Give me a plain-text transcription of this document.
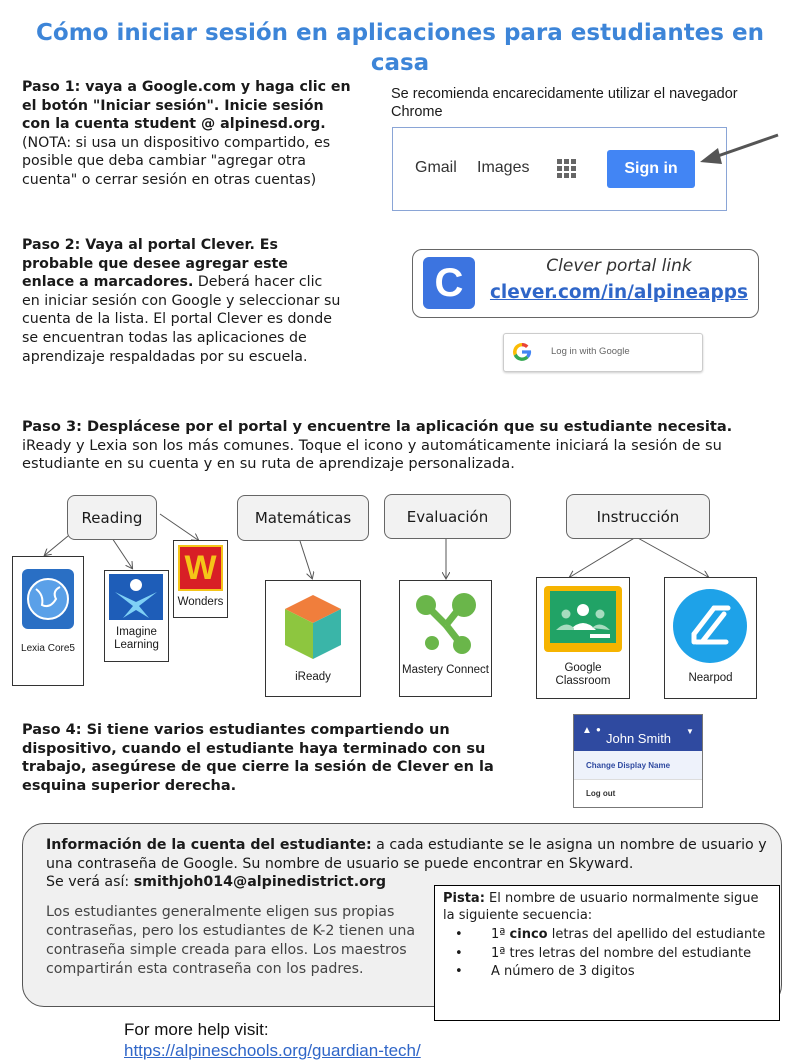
Cómo iniciar sesión en aplicaciones para estudiantes en casa
Paso 1: vaya a Google.com y haga clic en el botón "Iniciar sesión". Inicie sesión con la cuenta student @ alpinesd.org. (NOTA: si usa un dispositivo compartido, es posible que deba cambiar "agregar otra cuenta" o cerrar sesión en otras cuentas)
Se recomienda encarecidamente utilizar el navegador Chrome
Gmail Images	Sign in
Paso 2: Vaya al portal Clever. Es probable que desee agregar este enlace a marcadores. Deberá hacer clic en iniciar sesión con Google y seleccionar su cuenta de la lista. El portal Clever es donde se encuentran todas las aplicaciones de aprendizaje respaldadas por su escuela.
C	Clever portal link
clever.com/in/alpineapps
Log in with Google
Paso 3: Desplácese por el portal y encuentre la aplicación que su estudiante necesita. iReady y Lexia son los más comunes. Toque el icono y automáticamente iniciará la sesión de su estudiante en su cuenta y en su ruta de aprendizaje personalizada.
Reading	Matemáticas	Evaluación	Instrucción
Lexia Core5
Imagine Learning
W
Wonders
iReady
Mastery Connect	Google Classroom	Nearpod
Paso 4: Si tiene varios estudiantes compartiendo un dispositivo, cuando el estudiante haya terminado con su trabajo, asegúrese de que cierre la sesión de Clever en la esquina superior derecha.
▲ ●
John Smith ▼
Change Display Name
Log out
Información de la cuenta del estudiante: a cada estudiante se le asigna un nombre de usuario y una contraseña de Google. Su nombre de usuario se puede encontrar en Skyward.
Se verá así: smithjoh014@alpinedistrict.org
Los estudiantes generalmente eligen sus propias contraseñas, pero los estudiantes de K-2 tienen una contraseña simple creada para ellos. Los maestros compartirán esta contraseña con los padres.
Pista: El nombre de usuario normalmente sigue la siguiente secuencia:
• 1ª cinco letras del apellido del estudiante
• 1ª tres letras del nombre del estudiante
• A número de 3 digitos
For more help visit:
https://alpineschools.org/guardian-tech/
